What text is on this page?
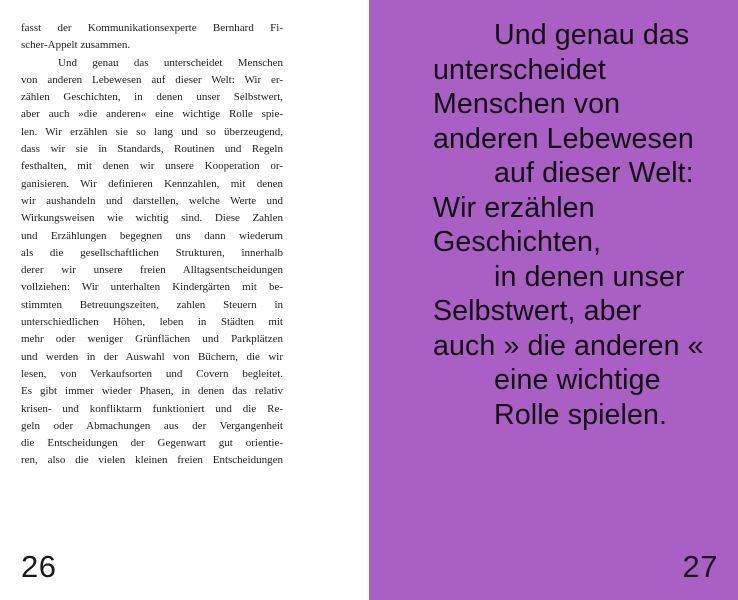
fasst der Kommunikationsexperte Bernhard Fi-
scher-Appelt zusammen.
Und genau das unterscheidet Menschen
von anderen Lebewesen auf dieser Welt: Wir er-
zählen Geschichten, in denen unser Selbstwert,
aber auch »die anderen« eine wichtige Rolle spie-
len. Wir erzählen sie so lang und so überzeugend,
dass wir sie in Standards, Routinen und Regeln
festhalten, mit denen wir unsere Kooperation or-
ganisieren. Wir definieren Kennzahlen, mit denen
wir aushandeln und darstellen, welche Werte und
Wirkungsweisen wie wichtig sind. Diese Zahlen
und Erzählungen begegnen uns dann wiederum
als die gesellschaftlichen Strukturen, innerhalb
derer wir unsere freien Alltagsentscheidungen
vollziehen: Wir unterhalten Kindergärten mit be-
stimmten Betreuungszeiten, zahlen Steuern in
unterschiedlichen Höhen, leben in Städten mit
mehr oder weniger Grünflächen und Parkplätzen
und werden in der Auswahl von Büchern, die wir
lesen, von Verkaufsorten und Covern begleitet.
Es gibt immer wieder Phasen, in denen das relativ
krisen- und konfliktarm funktioniert und die Re-
geln oder Abmachungen aus der Vergangenheit
die Entscheidungen der Gegenwart gut orientie-
ren, also die vielen kleinen freien Entscheidungen
26
Und genau das
unterscheidet
Menschen von
anderen Lebewesen
auf dieser Welt:
Wir erzählen
Geschichten,
in denen unser
Selbstwert, aber
auch » die anderen «
eine wichtige
Rolle spielen.
27
